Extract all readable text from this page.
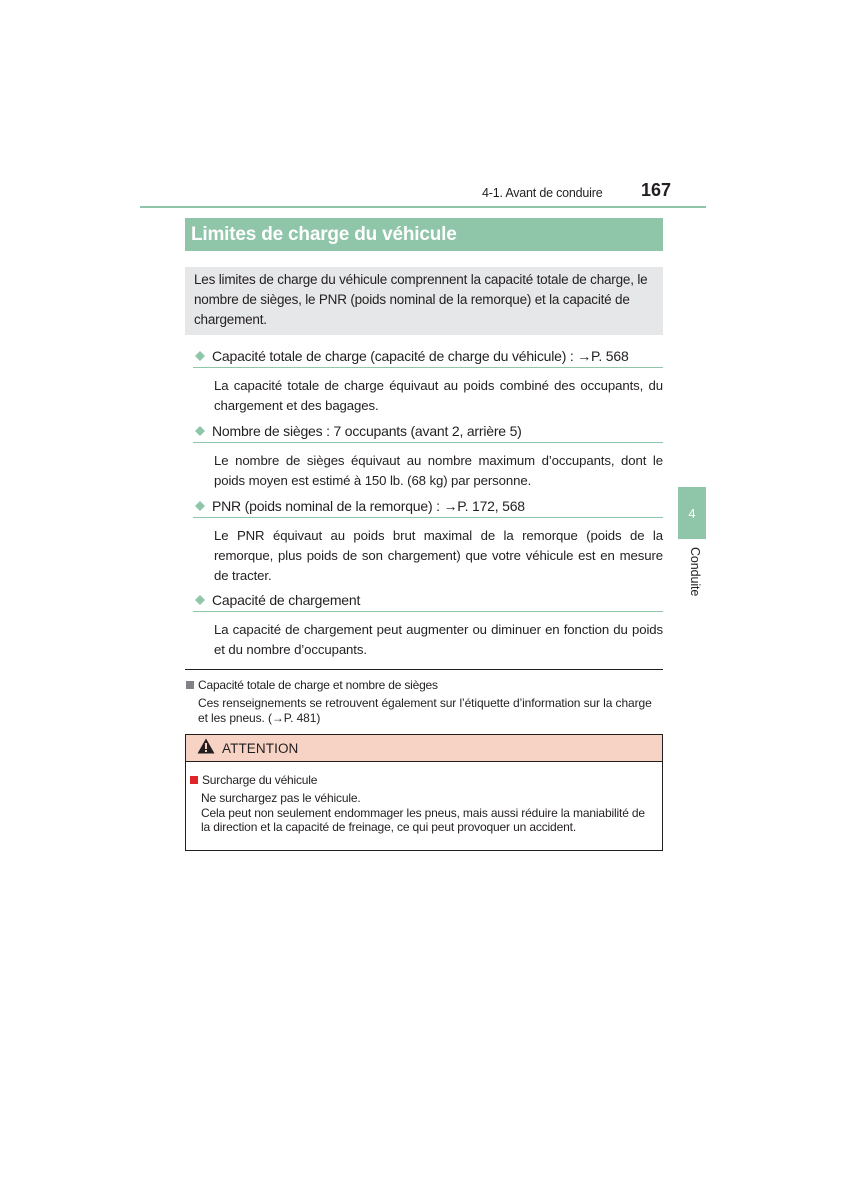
4-1. Avant de conduire 167
Limites de charge du véhicule
Les limites de charge du véhicule comprennent la capacité totale de charge, le nombre de sièges, le PNR (poids nominal de la remorque) et la capacité de chargement.
Capacité totale de charge (capacité de charge du véhicule) : →P. 568
La capacité totale de charge équivaut au poids combiné des occupants, du chargement et des bagages.
Nombre de sièges : 7 occupants (avant 2, arrière 5)
Le nombre de sièges équivaut au nombre maximum d’occupants, dont le poids moyen est estimé à 150 lb. (68 kg) par personne.
PNR (poids nominal de la remorque) : →P. 172, 568
Le PNR équivaut au poids brut maximal de la remorque (poids de la remorque, plus poids de son chargement) que votre véhicule est en mesure de tracter.
Capacité de chargement
La capacité de chargement peut augmenter ou diminuer en fonction du poids et du nombre d’occupants.
4
Conduite
Capacité totale de charge et nombre de sièges
Ces renseignements se retrouvent également sur l’étiquette d’information sur la charge et les pneus. (→P. 481)
ATTENTION
Surcharge du véhicule
Ne surchargez pas le véhicule.
Cela peut non seulement endommager les pneus, mais aussi réduire la maniabilité de la direction et la capacité de freinage, ce qui peut provoquer un accident.
